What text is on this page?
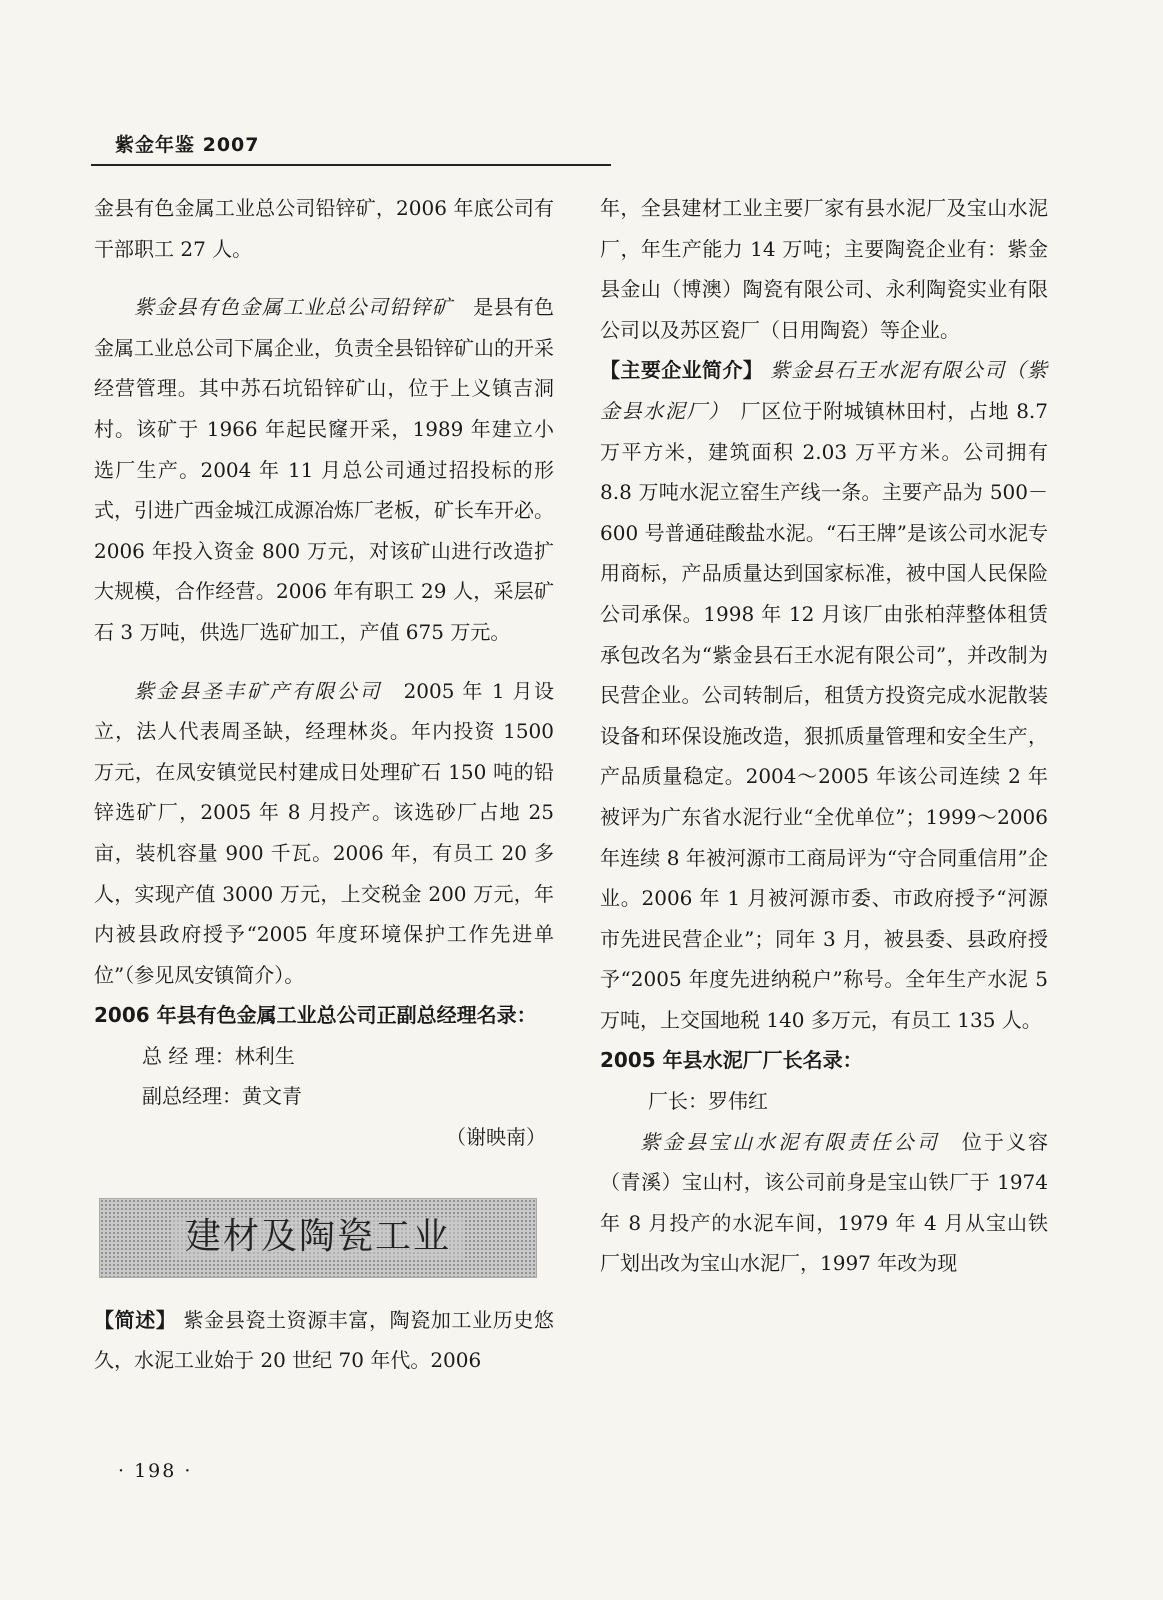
紫金年鉴 2007

金县有色金属工业总公司铅锌矿，2006 年底公司有干部职工 27 人。

紫金县有色金属工业总公司铅锌矿　 是县有色金属工业总公司下属企业，负责全县铅锌矿山的开采经营管理。其中苏石坑铅锌矿山，位于上义镇吉洞村。该矿于 1966 年起民窿开采，1989 年建立小选厂生产。2004 年 11 月总公司通过招投标的形式，引进广西金城江成源冶炼厂老板，矿长车开必。2006 年投入资金 800 万元，对该矿山进行改造扩大规模，合作经营。2006 年有职工 29 人，采层矿石 3 万吨，供选厂选矿加工，产值 675 万元。

紫金县圣丰矿产有限公司　 2005 年 1 月设立，法人代表周圣缺，经理林炎。年内投资 1500 万元，在凤安镇觉民村建成日处理矿石 150 吨的铅锌选矿厂，2005 年 8 月投产。该选砂厂占地 25 亩，装机容量 900 千瓦。2006 年，有员工 20 多人，实现产值 3000 万元，上交税金 200 万元，年内被县政府授予“2005 年度环境保护工作先进单位”（参见凤安镇简介）。

2006 年县有色金属工业总公司正副总经理名录：

总 经 理：林利生

副总经理：黄文青

（谢映南）

建材及陶瓷工业

【简述】 紫金县瓷土资源丰富，陶瓷加工业历史悠久，水泥工业始于 20 世纪 70 年代。2006

年，全县建材工业主要厂家有县水泥厂及宝山水泥厂，年生产能力 14 万吨；主要陶瓷企业有：紫金县金山（博澳）陶瓷有限公司、永利陶瓷实业有限公司以及苏区瓷厂（日用陶瓷）等企业。

【主要企业简介】 紫金县石王水泥有限公司（紫金县水泥厂）　 厂区位于附城镇林田村，占地 8.7 万平方米，建筑面积 2.03 万平方米。公司拥有 8.8 万吨水泥立窑生产线一条。主要产品为 500－600 号普通硅酸盐水泥。“石王牌”是该公司水泥专用商标，产品质量达到国家标准，被中国人民保险公司承保。1998 年 12 月该厂由张柏萍整体租赁承包改名为“紫金县石王水泥有限公司”，并改制为民营企业。公司转制后，租赁方投资完成水泥散装设备和环保设施改造，狠抓质量管理和安全生产，产品质量稳定。2004～2005 年该公司连续 2 年被评为广东省水泥行业“全优单位”；1999～2006 年连续 8 年被河源市工商局评为“守合同重信用”企业。2006 年 1 月被河源市委、市政府授予“河源市先进民营企业”；同年 3 月，被县委、县政府授予“2005 年度先进纳税户”称号。全年生产水泥 5 万吨，上交国地税 140 多万元，有员工 135 人。

2005 年县水泥厂厂长名录：

厂长：罗伟红

紫金县宝山水泥有限责任公司　 位于义容（青溪）宝山村，该公司前身是宝山铁厂于 1974 年 8 月投产的水泥车间，1979 年 4 月从宝山铁厂划出改为宝山水泥厂，1997 年改为现

· 198 ·
